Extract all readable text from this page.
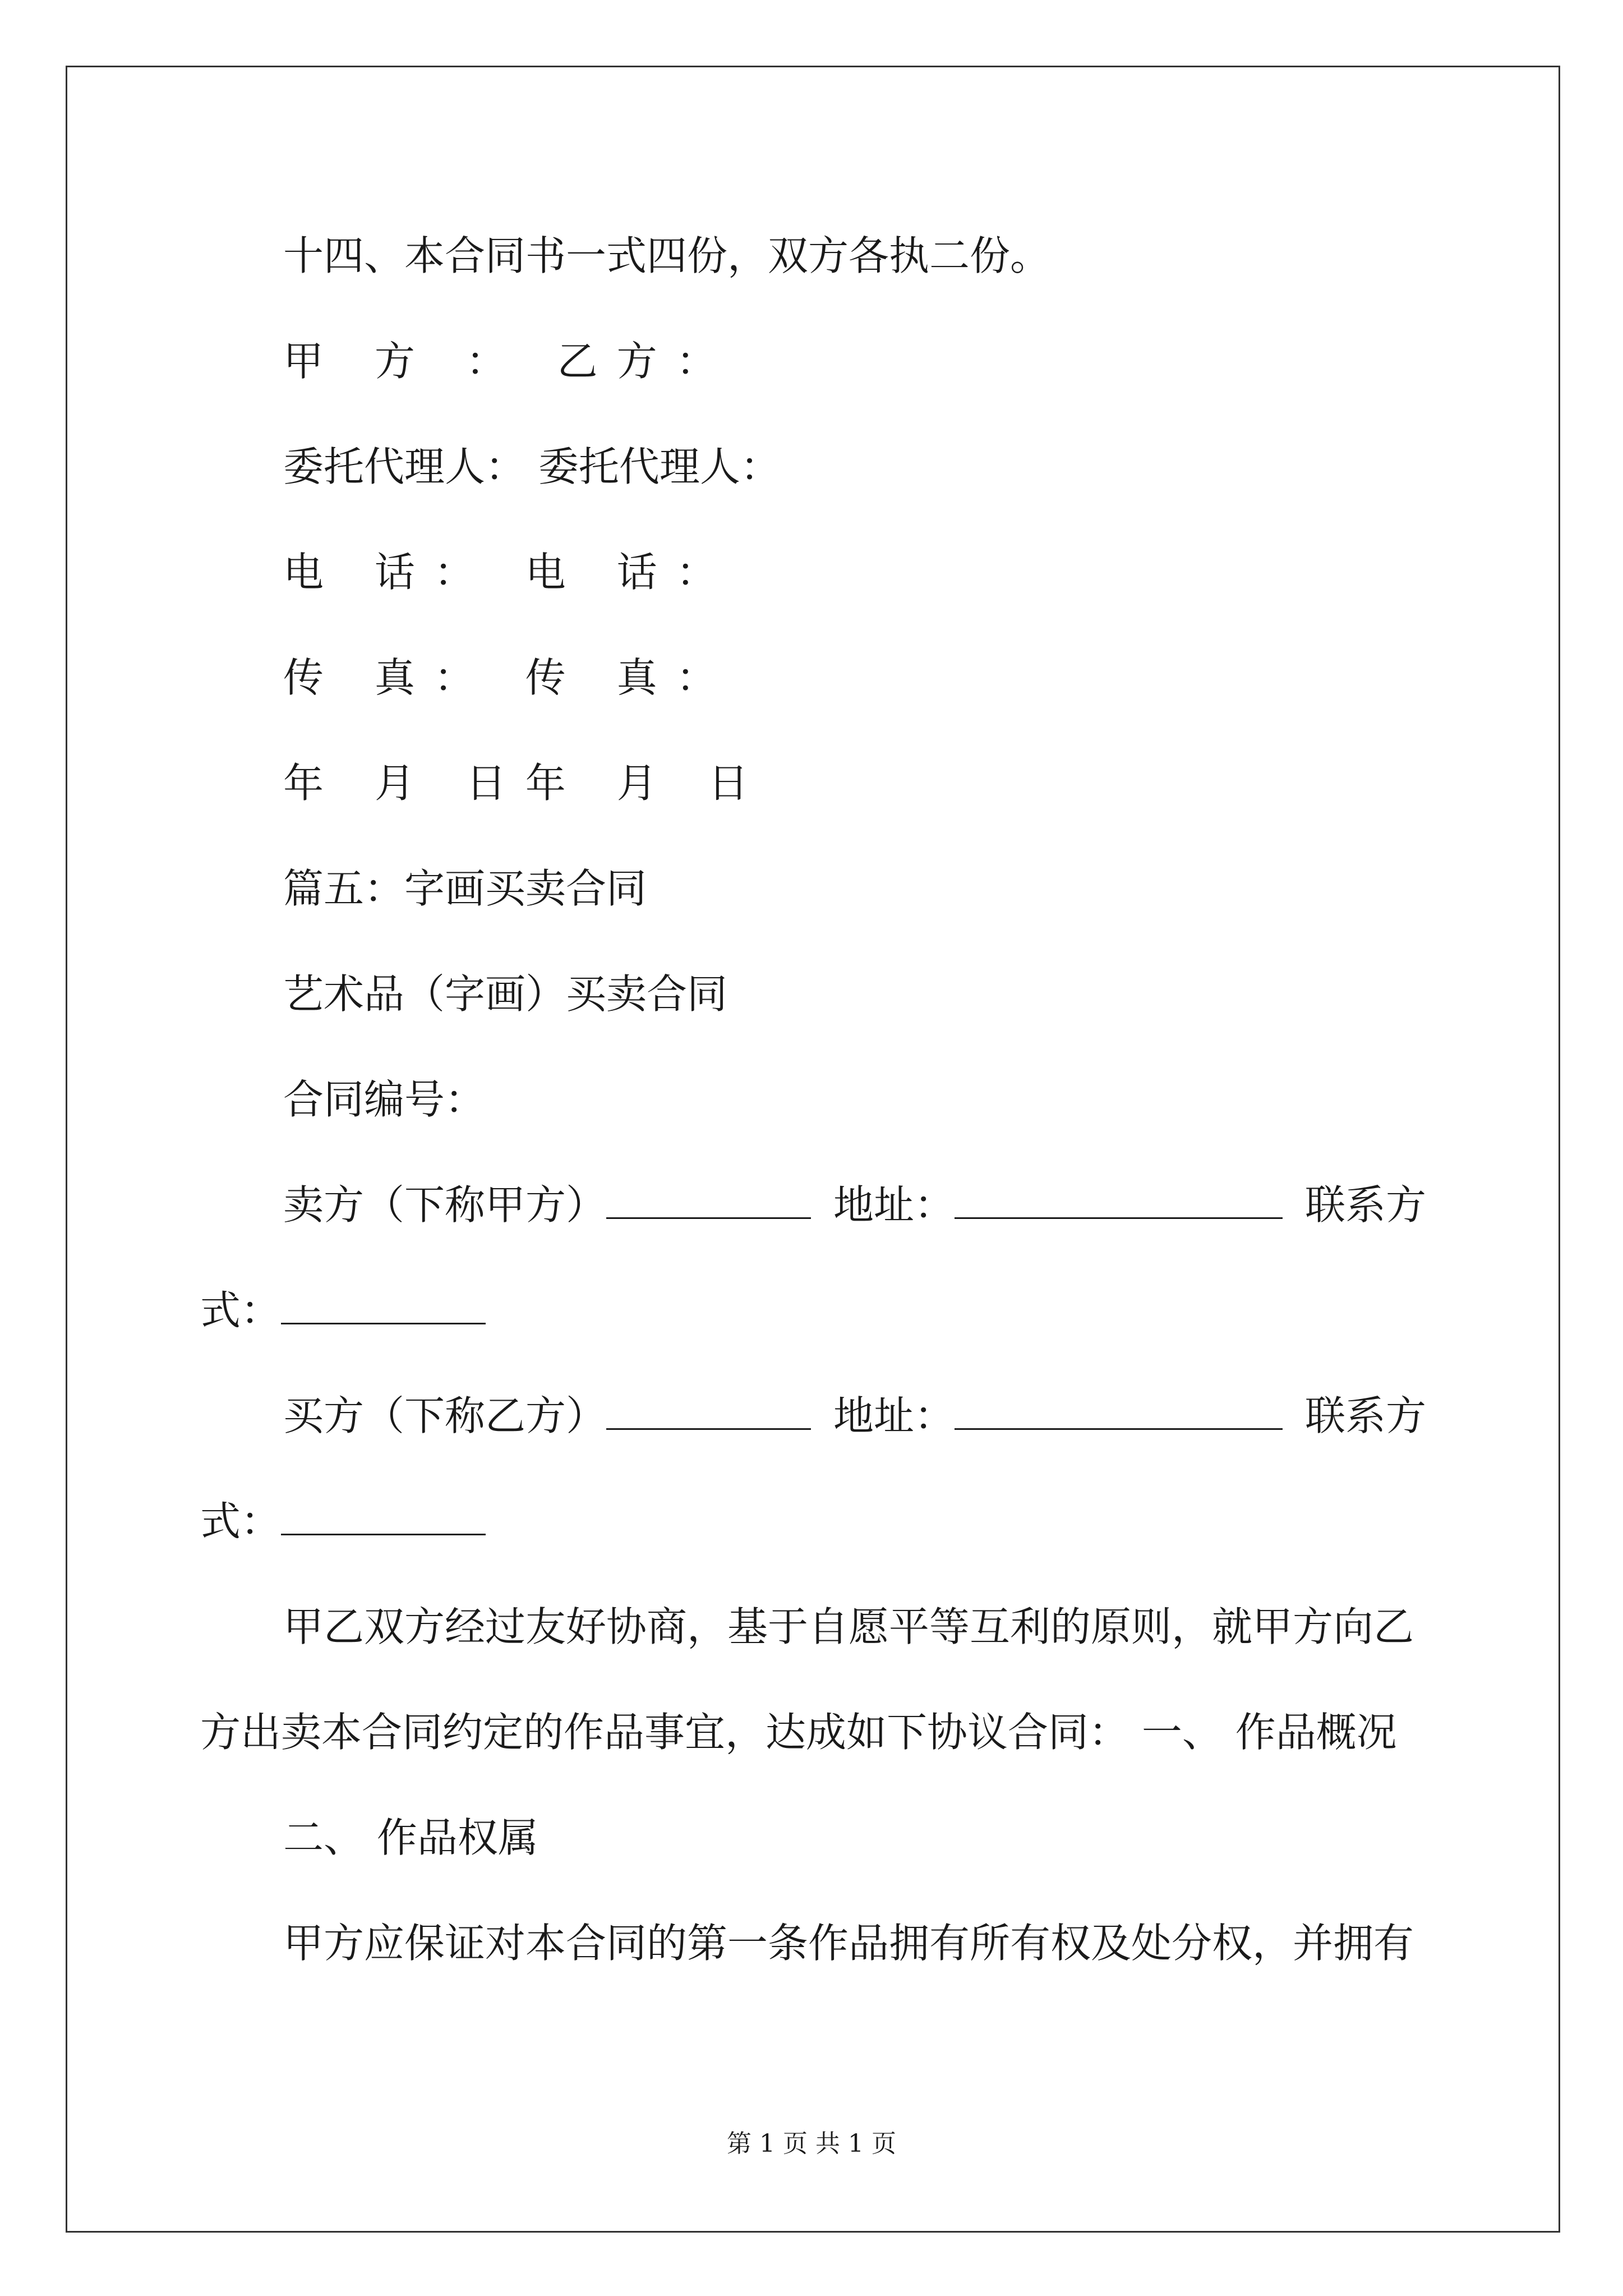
十四、本合同书一式四份，双方各执二份。
甲 方 ： 乙方：
委托代理人： 委托代理人：
电 话： 电 话：
传 真： 传 真：
年 月 日年 月 日
篇五：字画买卖合同
艺术品（字画）买卖合同
合同编号：
卖方（下称甲方）	地址：	联系方
式：
买方（下称乙方）	地址：	联系方
式：
甲乙双方经过友好协商，基于自愿平等互利的原则，就甲方向乙
方出卖本合同约定的作品事宜，达成如下协议合同： 一、 作品概况
二、 作品权属
甲方应保证对本合同的第一条作品拥有所有权及处分权，并拥有
第 1 页 共 1 页
